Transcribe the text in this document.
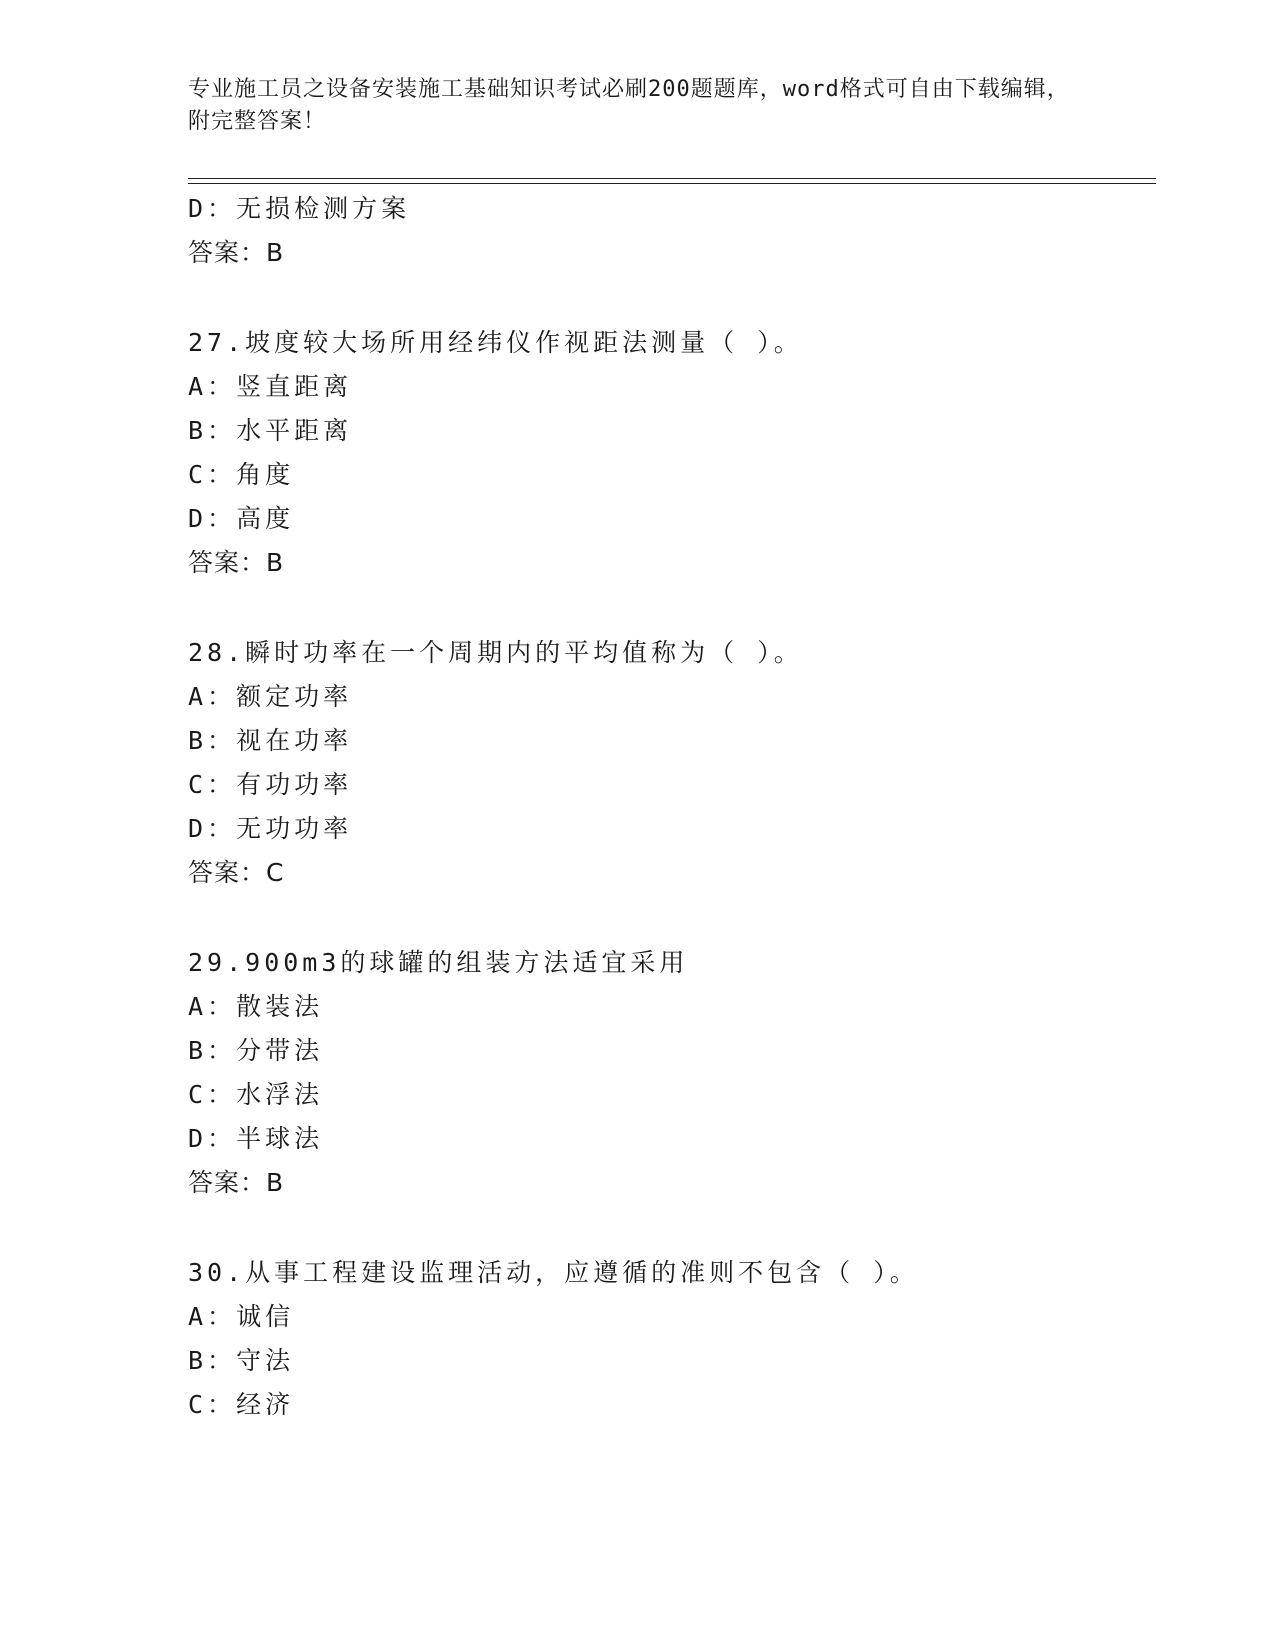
专业施工员之设备安装施工基础知识考试必刷200题题库，word格式可自由下载编辑，附完整答案！
D：无损检测方案
答案：B
27.坡度较大场所用经纬仪作视距法测量（ ）。
A：竖直距离
B：水平距离
C：角度
D：高度
答案：B
28.瞬时功率在一个周期内的平均值称为（ ）。
A：额定功率
B：视在功率
C：有功功率
D：无功功率
答案：C
29.900m3的球罐的组装方法适宜采用
A：散装法
B：分带法
C：水浮法
D：半球法
答案：B
30.从事工程建设监理活动，应遵循的准则不包含（ ）。
A：诚信
B：守法
C：经济
